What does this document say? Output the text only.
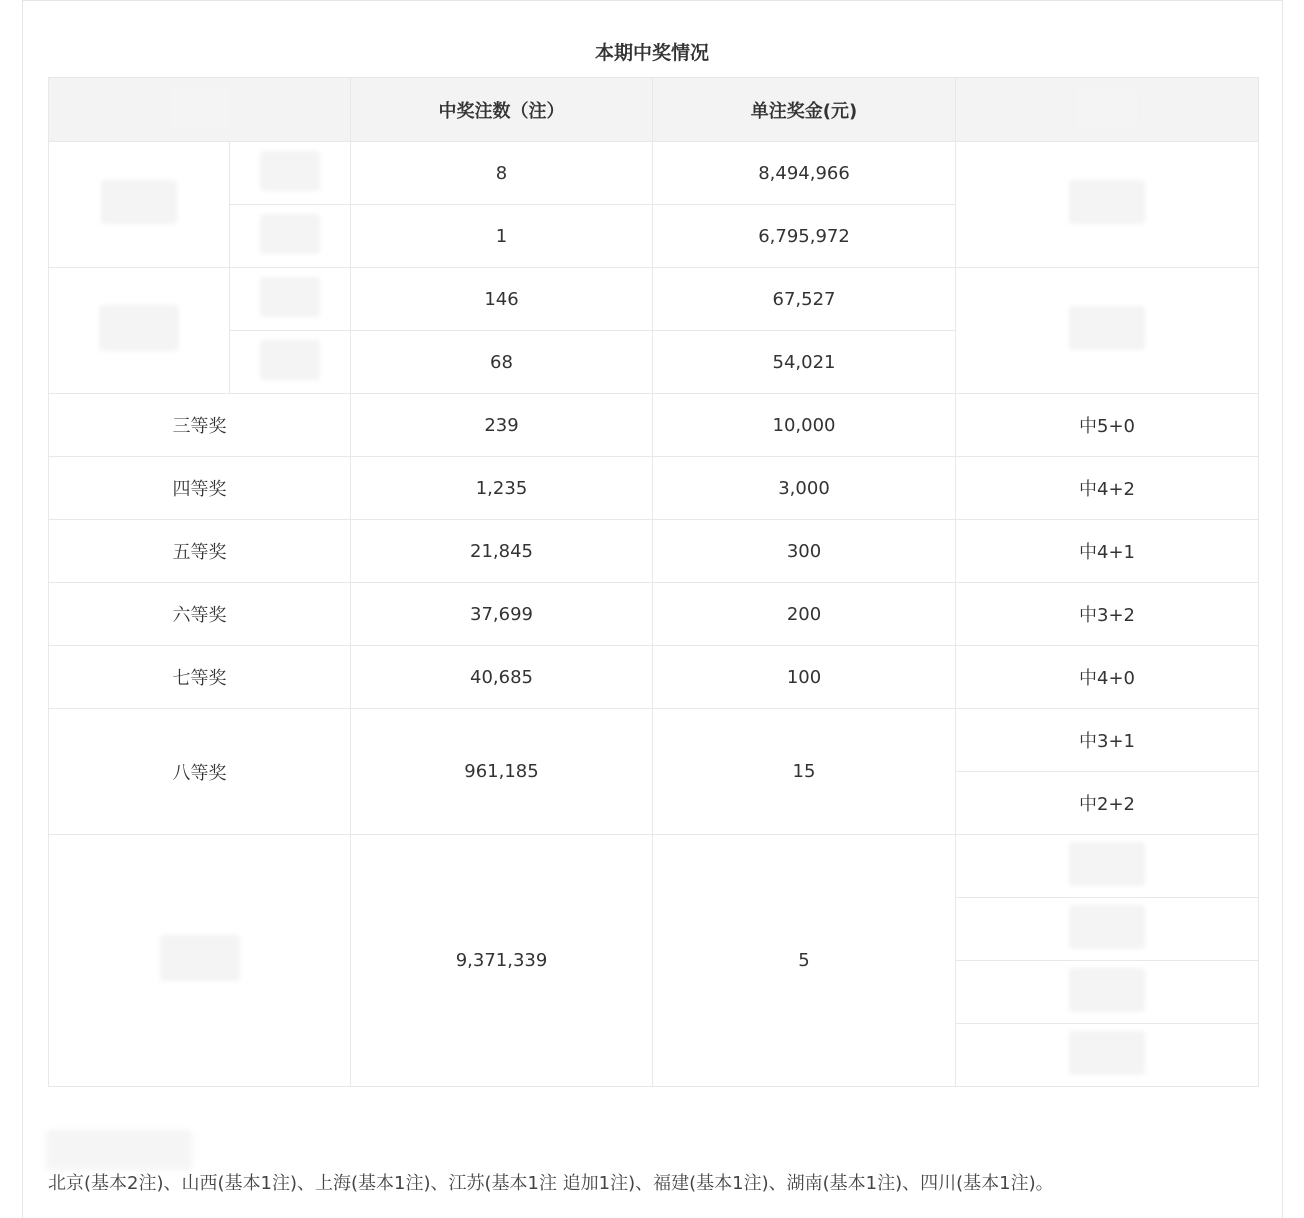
本期中奖情况
		中奖注数（注）	单注奖金(元)	
		8	8,494,966	
		1	6,795,972	
		146	67,527	
		68	54,021	
三等奖		239	10,000	中5+0
四等奖		1,235	3,000	中4+2
五等奖		21,845	300	中4+1
六等奖		37,699	200	中3+2
七等奖		40,685	100	中4+0
八等奖		961,185	15	中3+1
				中2+2
		9,371,339	5	

北京(基本2注)、山西(基本1注)、上海(基本1注)、江苏(基本1注 追加1注)、福建(基本1注)、湖南(基本1注)、四川(基本1注)。
